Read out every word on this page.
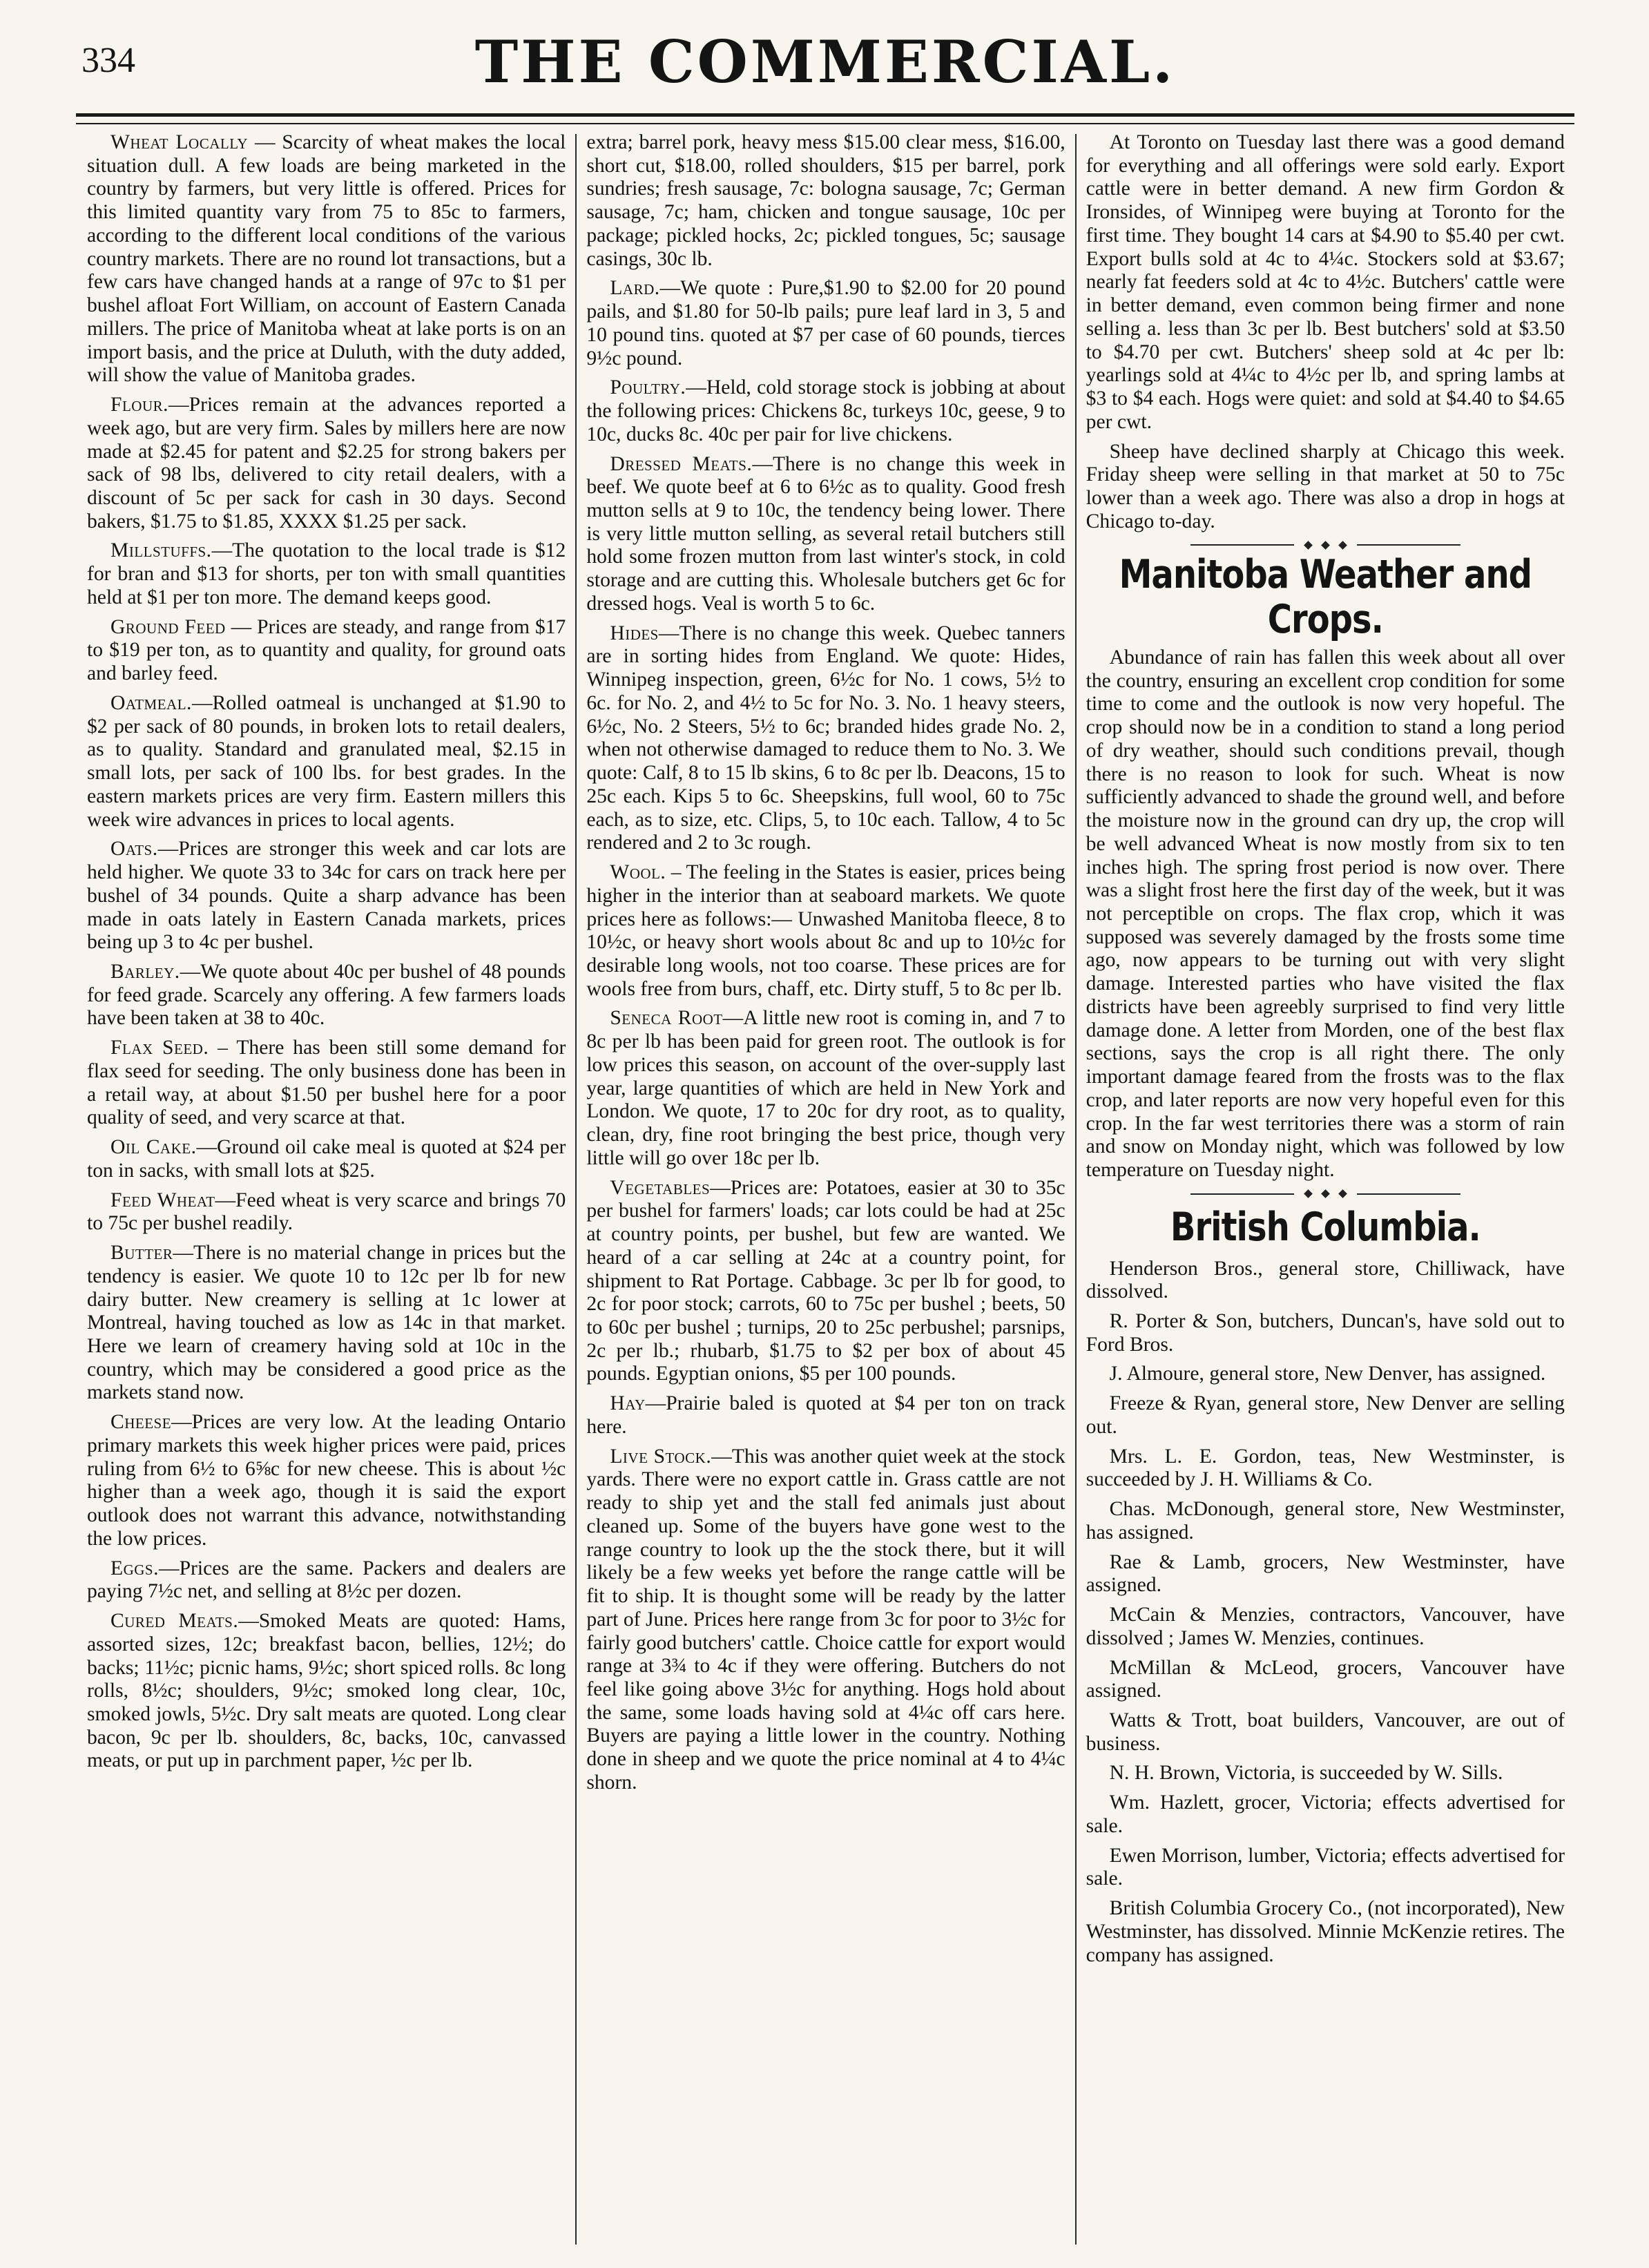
334	THE COMMERCIAL.

Wheat Locally — Scarcity of wheat makes the local situation dull. A few loads are being marketed in the country by farmers, but very little is offered. Prices for this limited quantity vary from 75 to 85c to farmers, according to the different local conditions of the various country markets. There are no round lot transactions, but a few cars have changed hands at a range of 97c to $1 per bushel afloat Fort William, on account of Eastern Canada millers. The price of Manitoba wheat at lake ports is on an import basis, and the price at Duluth, with the duty added, will show the value of Manitoba grades.

Flour.—Prices remain at the advances reported a week ago, but are very firm. Sales by millers here are now made at $2.45 for patent and $2.25 for strong bakers per sack of 98 lbs, delivered to city retail dealers, with a discount of 5c per sack for cash in 30 days. Second bakers, $1.75 to $1.85, XXXX $1.25 per sack.

Millstuffs.—The quotation to the local trade is $12 for bran and $13 for shorts, per ton with small quantities held at $1 per ton more. The demand keeps good.

Ground Feed — Prices are steady, and range from $17 to $19 per ton, as to quantity and quality, for ground oats and barley feed.

Oatmeal.—Rolled oatmeal is unchanged at $1.90 to $2 per sack of 80 pounds, in broken lots to retail dealers, as to quality. Standard and granulated meal, $2.15 in small lots, per sack of 100 lbs. for best grades. In the eastern markets prices are very firm. Eastern millers this week wire advances in prices to local agents.

Oats.—Prices are stronger this week and car lots are held higher. We quote 33 to 34c for cars on track here per bushel of 34 pounds. Quite a sharp advance has been made in oats lately in Eastern Canada markets, prices being up 3 to 4c per bushel.

Barley.—We quote about 40c per bushel of 48 pounds for feed grade. Scarcely any offering. A few farmers loads have been taken at 38 to 40c.

Flax Seed. – There has been still some demand for flax seed for seeding. The only business done has been in a retail way, at about $1.50 per bushel here for a poor quality of seed, and very scarce at that.

Oil Cake.—Ground oil cake meal is quoted at $24 per ton in sacks, with small lots at $25.

Feed Wheat—Feed wheat is very scarce and brings 70 to 75c per bushel readily.

Butter—There is no material change in prices but the tendency is easier. We quote 10 to 12c per lb for new dairy butter. New creamery is selling at 1c lower at Montreal, having touched as low as 14c in that market. Here we learn of creamery having sold at 10c in the country, which may be considered a good price as the markets stand now.

Cheese—Prices are very low. At the leading Ontario primary markets this week higher prices were paid, prices ruling from 6½ to 6⅝c for new cheese. This is about ½c higher than a week ago, though it is said the export outlook does not warrant this advance, notwithstanding the low prices.

Eggs.—Prices are the same. Packers and dealers are paying 7½c net, and selling at 8½c per dozen.

Cured Meats.—Smoked Meats are quoted: Hams, assorted sizes, 12c; breakfast bacon, bellies, 12½; do backs; 11½c; picnic hams, 9½c; short spiced rolls. 8c long rolls, 8½c; shoulders, 9½c; smoked long clear, 10c, smoked jowls, 5½c. Dry salt meats are quoted. Long clear bacon, 9c per lb. shoulders, 8c, backs, 10c, canvassed meats, or put up in parchment paper, ½c per lb.

extra; barrel pork, heavy mess $15.00 clear mess, $16.00, short cut, $18.00, rolled shoulders, $15 per barrel, pork sundries; fresh sausage, 7c: bologna sausage, 7c; German sausage, 7c; ham, chicken and tongue sausage, 10c per package; pickled hocks, 2c; pickled tongues, 5c; sausage casings, 30c lb.

Lard.—We quote : Pure,$1.90 to $2.00 for 20 pound pails, and $1.80 for 50-lb pails; pure leaf lard in 3, 5 and 10 pound tins. quoted at $7 per case of 60 pounds, tierces 9½c pound.

Poultry.—Held, cold storage stock is jobbing at about the following prices: Chickens 8c, turkeys 10c, geese, 9 to 10c, ducks 8c. 40c per pair for live chickens.

Dressed Meats.—There is no change this week in beef. We quote beef at 6 to 6½c as to quality. Good fresh mutton sells at 9 to 10c, the tendency being lower. There is very little mutton selling, as several retail butchers still hold some frozen mutton from last winter's stock, in cold storage and are cutting this. Wholesale butchers get 6c for dressed hogs. Veal is worth 5 to 6c.

Hides—There is no change this week. Quebec tanners are in sorting hides from England. We quote: Hides, Winnipeg inspection, green, 6½c for No. 1 cows, 5½ to 6c. for No. 2, and 4½ to 5c for No. 3. No. 1 heavy steers, 6½c, No. 2 Steers, 5½ to 6c; branded hides grade No. 2, when not otherwise damaged to reduce them to No. 3. We quote: Calf, 8 to 15 lb skins, 6 to 8c per lb. Deacons, 15 to 25c each. Kips 5 to 6c. Sheepskins, full wool, 60 to 75c each, as to size, etc. Clips, 5, to 10c each. Tallow, 4 to 5c rendered and 2 to 3c rough.

Wool. – The feeling in the States is easier, prices being higher in the interior than at seaboard markets. We quote prices here as follows:— Unwashed Manitoba fleece, 8 to 10½c, or heavy short wools about 8c and up to 10½c for desirable long wools, not too coarse. These prices are for wools free from burs, chaff, etc. Dirty stuff, 5 to 8c per lb.

Seneca Root—A little new root is coming in, and 7 to 8c per lb has been paid for green root. The outlook is for low prices this season, on account of the over-supply last year, large quantities of which are held in New York and London. We quote, 17 to 20c for dry root, as to quality, clean, dry, fine root bringing the best price, though very little will go over 18c per lb.

Vegetables—Prices are: Potatoes, easier at 30 to 35c per bushel for farmers' loads; car lots could be had at 25c at country points, per bushel, but few are wanted. We heard of a car selling at 24c at a country point, for shipment to Rat Portage. Cabbage. 3c per lb for good, to 2c for poor stock; carrots, 60 to 75c per bushel ; beets, 50 to 60c per bushel ; turnips, 20 to 25c perbushel; parsnips, 2c per lb.; rhubarb, $1.75 to $2 per box of about 45 pounds. Egyptian onions, $5 per 100 pounds.

Hay—Prairie baled is quoted at $4 per ton on track here.

Live Stock.—This was another quiet week at the stock yards. There were no export cattle in. Grass cattle are not ready to ship yet and the stall fed animals just about cleaned up. Some of the buyers have gone west to the range country to look up the the stock there, but it will likely be a few weeks yet before the range cattle will be fit to ship. It is thought some will be ready by the latter part of June. Prices here range from 3c for poor to 3½c for fairly good butchers' cattle. Choice cattle for export would range at 3¾ to 4c if they were offering. Butchers do not feel like going above 3½c for anything. Hogs hold about the same, some loads having sold at 4¼c off cars here. Buyers are paying a little lower in the country. Nothing done in sheep and we quote the price nominal at 4 to 4¼c shorn.

At Toronto on Tuesday last there was a good demand for everything and all offerings were sold early. Export cattle were in better demand. A new firm Gordon & Ironsides, of Winnipeg were buying at Toronto for the first time. They bought 14 cars at $4.90 to $5.40 per cwt. Export bulls sold at 4c to 4¼c. Stockers sold at $3.67; nearly fat feeders sold at 4c to 4½c. Butchers' cattle were in better demand, even common being firmer and none selling a. less than 3c per lb. Best butchers' sold at $3.50 to $4.70 per cwt. Butchers' sheep sold at 4c per lb: yearlings sold at 4¼c to 4½c per lb, and spring lambs at $3 to $4 each. Hogs were quiet: and sold at $4.40 to $4.65 per cwt.

Sheep have declined sharply at Chicago this week. Friday sheep were selling in that market at 50 to 75c lower than a week ago. There was also a drop in hogs at Chicago to-day.

Manitoba Weather and Crops.

Abundance of rain has fallen this week about all over the country, ensuring an excellent crop condition for some time to come and the outlook is now very hopeful. The crop should now be in a condition to stand a long period of dry weather, should such conditions prevail, though there is no reason to look for such. Wheat is now sufficiently advanced to shade the ground well, and before the moisture now in the ground can dry up, the crop will be well advanced Wheat is now mostly from six to ten inches high. The spring frost period is now over. There was a slight frost here the first day of the week, but it was not perceptible on crops. The flax crop, which it was supposed was severely damaged by the frosts some time ago, now appears to be turning out with very slight damage. Interested parties who have visited the flax districts have been agreebly surprised to find very little damage done. A letter from Morden, one of the best flax sections, says the crop is all right there. The only important damage feared from the frosts was to the flax crop, and later reports are now very hopeful even for this crop. In the far west territories there was a storm of rain and snow on Monday night, which was followed by low temperature on Tuesday night.

British Columbia.

Henderson Bros., general store, Chilliwack, have dissolved.

R. Porter & Son, butchers, Duncan's, have sold out to Ford Bros.

J. Almoure, general store, New Denver, has assigned.

Freeze & Ryan, general store, New Denver are selling out.

Mrs. L. E. Gordon, teas, New Westminster, is succeeded by J. H. Williams & Co.

Chas. McDonough, general store, New Westminster, has assigned.

Rae & Lamb, grocers, New Westminster, have assigned.

McCain & Menzies, contractors, Vancouver, have dissolved ; James W. Menzies, continues.

McMillan & McLeod, grocers, Vancouver have assigned.

Watts & Trott, boat builders, Vancouver, are out of business.

N. H. Brown, Victoria, is succeeded by W. Sills.

Wm. Hazlett, grocer, Victoria; effects advertised for sale.

Ewen Morrison, lumber, Victoria; effects advertised for sale.

British Columbia Grocery Co., (not incorporated), New Westminster, has dissolved. Minnie McKenzie retires. The company has assigned.
